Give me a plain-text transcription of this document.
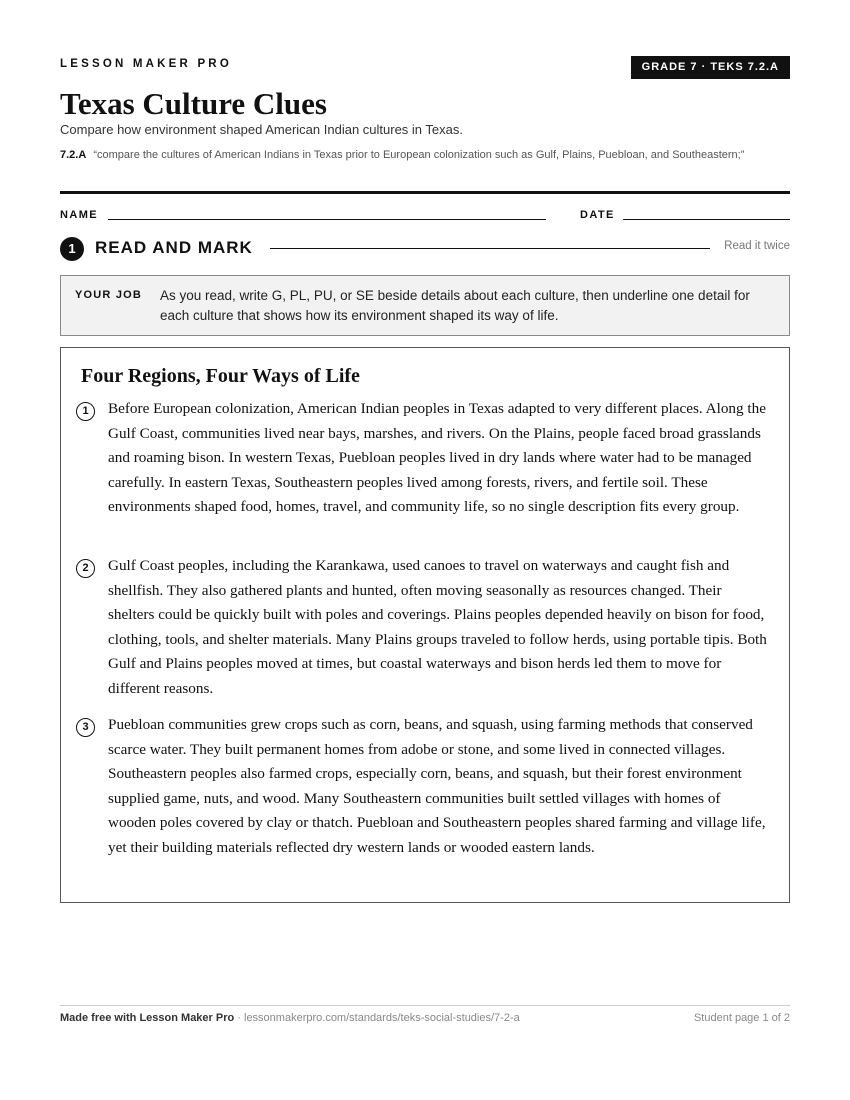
LESSON MAKER PRO	GRADE 7 · TEKS 7.2.A
Texas Culture Clues
Compare how environment shaped American Indian cultures in Texas.
7.2.A “compare the cultures of American Indians in Texas prior to European colonization such as Gulf, Plains, Puebloan, and Southeastern;”
NAME	DATE
1	READ AND MARK	Read it twice
YOUR JOB As you read, write G, PL, PU, or SE beside details about each culture, then underline one detail for each culture that shows how its environment shaped its way of life.
Four Regions, Four Ways of Life
1	Before European colonization, American Indian peoples in Texas adapted to very different places. Along the Gulf Coast, communities lived near bays, marshes, and rivers. On the Plains, people faced broad grasslands and roaming bison. In western Texas, Puebloan peoples lived in dry lands where water had to be managed carefully. In eastern Texas, Southeastern peoples lived among forests, rivers, and fertile soil. These environments shaped food, homes, travel, and community life, so no single description fits every group.

2	Gulf Coast peoples, including the Karankawa, used canoes to travel on waterways and caught fish and shellfish. They also gathered plants and hunted, often moving seasonally as resources changed. Their shelters could be quickly built with poles and coverings. Plains peoples depended heavily on bison for food, clothing, tools, and shelter materials. Many Plains groups traveled to follow herds, using portable tipis. Both Gulf and Plains peoples moved at times, but coastal waterways and bison herds led them to move for different reasons.

3	Puebloan communities grew crops such as corn, beans, and squash, using farming methods that conserved scarce water. They built permanent homes from adobe or stone, and some lived in connected villages. Southeastern peoples also farmed crops, especially corn, beans, and squash, but their forest environment supplied game, nuts, and wood. Many Southeastern communities built settled villages with homes of wooden poles covered by clay or thatch. Puebloan and Southeastern peoples shared farming and village life, yet their building materials reflected dry western lands or wooded eastern lands.

Made free with Lesson Maker Pro · lessonmakerpro.com/standards/teks-social-studies/7-2-a	Student page 1 of 2
